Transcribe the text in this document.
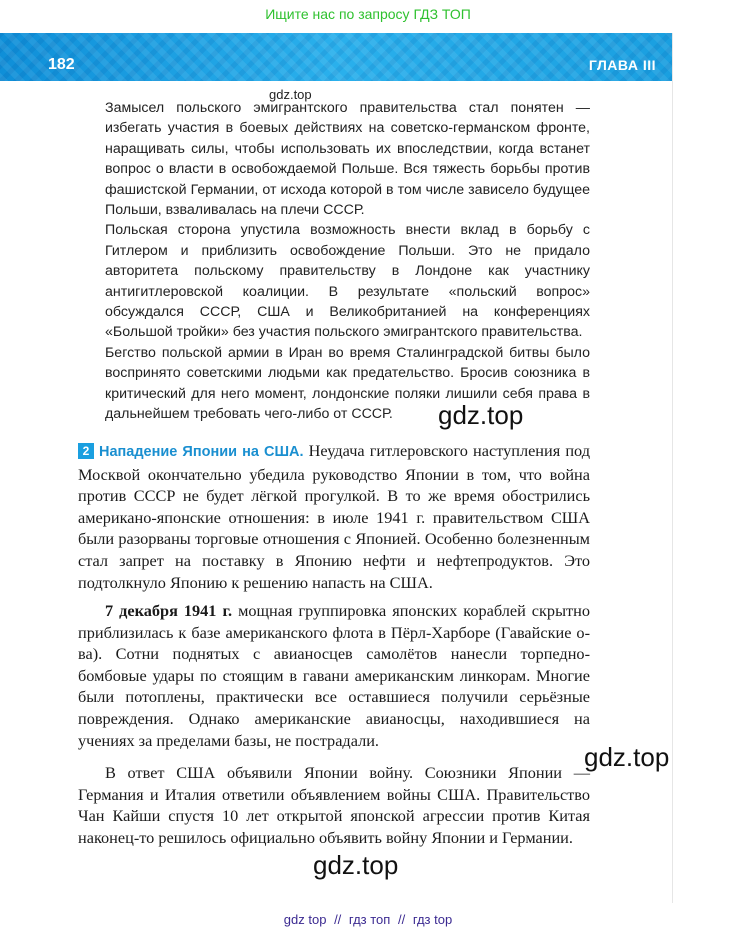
Ищите нас по запросу ГДЗ ТОП
182	ГЛАВА III
gdz.top

Замысел польского эмигрантского правительства стал понятен — избегать участия в боевых действиях на советско-германском фронте, наращивать силы, чтобы использовать их впоследствии, когда встанет вопрос о власти в освобождаемой Польше. Вся тяжесть борьбы против фашистской Германии, от исхода которой в том числе зависело будущее Польши, взваливалась на плечи СССР.

Польская сторона упустила возможность внести вклад в борьбу с Гитлером и приблизить освобождение Польши. Это не придало авторитета польскому правительству в Лондоне как участнику антигитлеровской коалиции. В результате «польский вопрос» обсуждался СССР, США и Великобританией на конференциях «Большой тройки» без участия польского эмигрантского правительства.

Бегство польской армии в Иран во время Сталинградской битвы было воспринято советскими людьми как предательство. Бросив союзника в критический для него момент, лондонские поляки лишили себя права в дальнейшем требовать чего-либо от СССР.	gdz.top

2 Нападение Японии на США. Неудача гитлеровского наступления под Москвой окончательно убедила руководство Японии в том, что война против СССР не будет лёгкой прогулкой. В то же время обострились американо-японские отношения: в июле 1941 г. правительством США были разорваны торговые отношения с Японией. Особенно болезненным стал запрет на поставку в Японию нефти и нефтепродуктов. Это подтолкнуло Японию к решению напасть на США.

7 декабря 1941 г. мощная группировка японских кораблей скрытно приблизилась к базе американского флота в Пёрл-Харборе (Гавайские о-ва). Сотни поднятых с авианосцев самолётов нанесли торпедно-бомбовые удары по стоящим в гавани американским линкорам. Многие были потоплены, практически все оставшиеся получили серьёзные повреждения. Однако американские авианосцы, находившиеся на учениях за пределами базы, не пострадали.

gdz.top

В ответ США объявили Японии войну. Союзники Японии — Германия и Италия ответили объявлением войны США. Правительство Чан Кайши спустя 10 лет открытой японской агрессии против Китая наконец-то решилось официально объявить войну Японии и Германии.

gdz.top
gdz top // гдз топ // гдз top
